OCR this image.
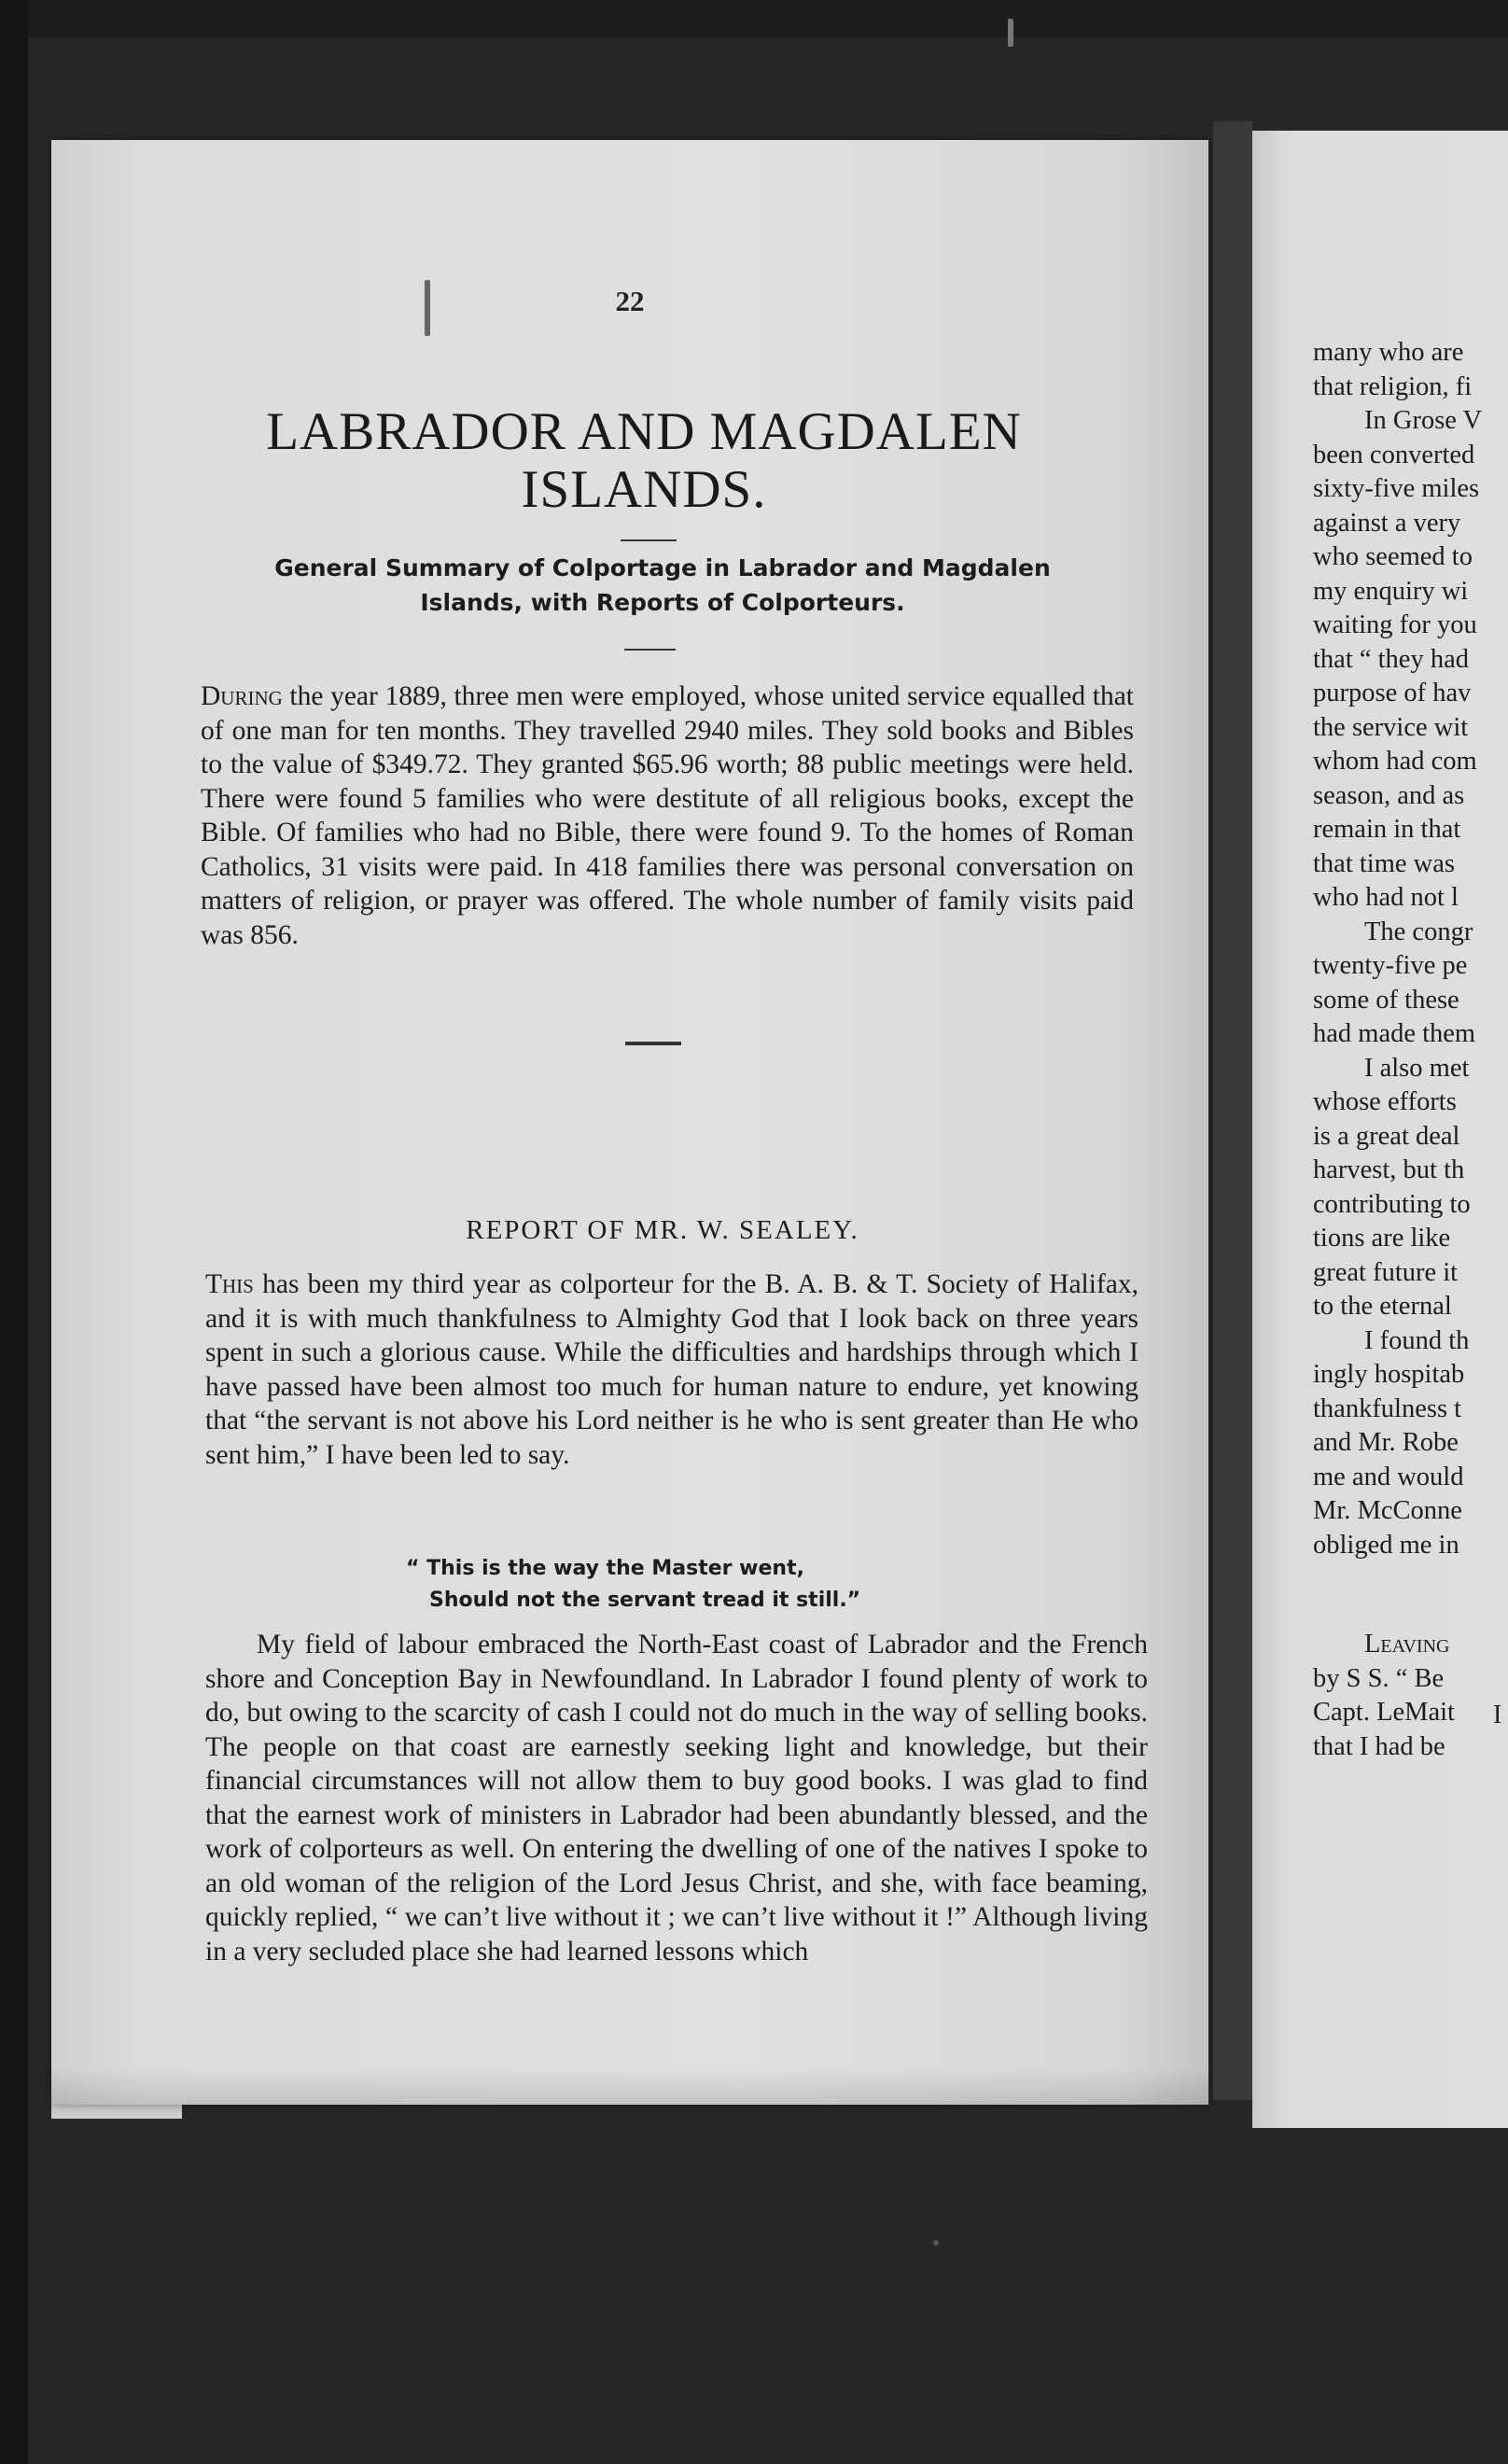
22
LABRADOR AND MAGDALEN
ISLANDS.
General Summary of Colportage in Labrador and Magdalen
Islands, with Reports of Colporteurs.
During the year 1889, three men were employed, whose united service equalled that of one man for ten months. They travelled 2940 miles. They sold books and Bibles to the value of $349.72. They granted $65.96 worth; 88 public meetings were held. There were found 5 families who were destitute of all religious books, except the Bible. Of families who had no Bible, there were found 9. To the homes of Roman Catholics, 31 visits were paid. In 418 families there was personal conversation on matters of religion, or prayer was offered. The whole number of family visits paid was 856.
REPORT OF MR. W. SEALEY.
This has been my third year as colporteur for the B. A. B. & T. Society of Halifax, and it is with much thankfulness to Almighty God that I look back on three years spent in such a glorious cause. While the difficulties and hardships through which I have passed have been almost too much for human nature to endure, yet knowing that “the servant is not above his Lord neither is he who is sent greater than He who sent him,” I have been led to say.
“ This is the way the Master went,
Should not the servant tread it still.”
My field of labour embraced the North-East coast of Labrador and the French shore and Conception Bay in Newfoundland. In Labrador I found plenty of work to do, but owing to the scarcity of cash I could not do much in the way of selling books. The people on that coast are earnestly seeking light and knowledge, but their financial circumstances will not allow them to buy good books. I was glad to find that the earnest work of ministers in Labrador had been abundantly blessed, and the work of colporteurs as well. On entering the dwelling of one of the natives I spoke to an old woman of the religion of the Lord Jesus Christ, and she, with face beaming, quickly replied, “ we can’t live without it ; we can’t live without it !” Although living in a very secluded place she had learned lessons which
many who are
that religion, fi
In Grose V
been converted
sixty-five miles
against a very
who seemed to
my enquiry wi
waiting for you
that “ they had
purpose of hav
the service wit
whom had com
season, and as
remain in that
that time was
who had not l
The congr
twenty-five pe
some of these
had made them
I also met
whose efforts
is a great deal
harvest, but th
contributing to
tions are like
great future it
to the eternal
I found th
ingly hospitab
thankfulness t
and Mr. Robe
me and would
Mr. McConne
obliged me in
Leaving
by S S. “ Be
Capt. LeMait
that I had be
I
